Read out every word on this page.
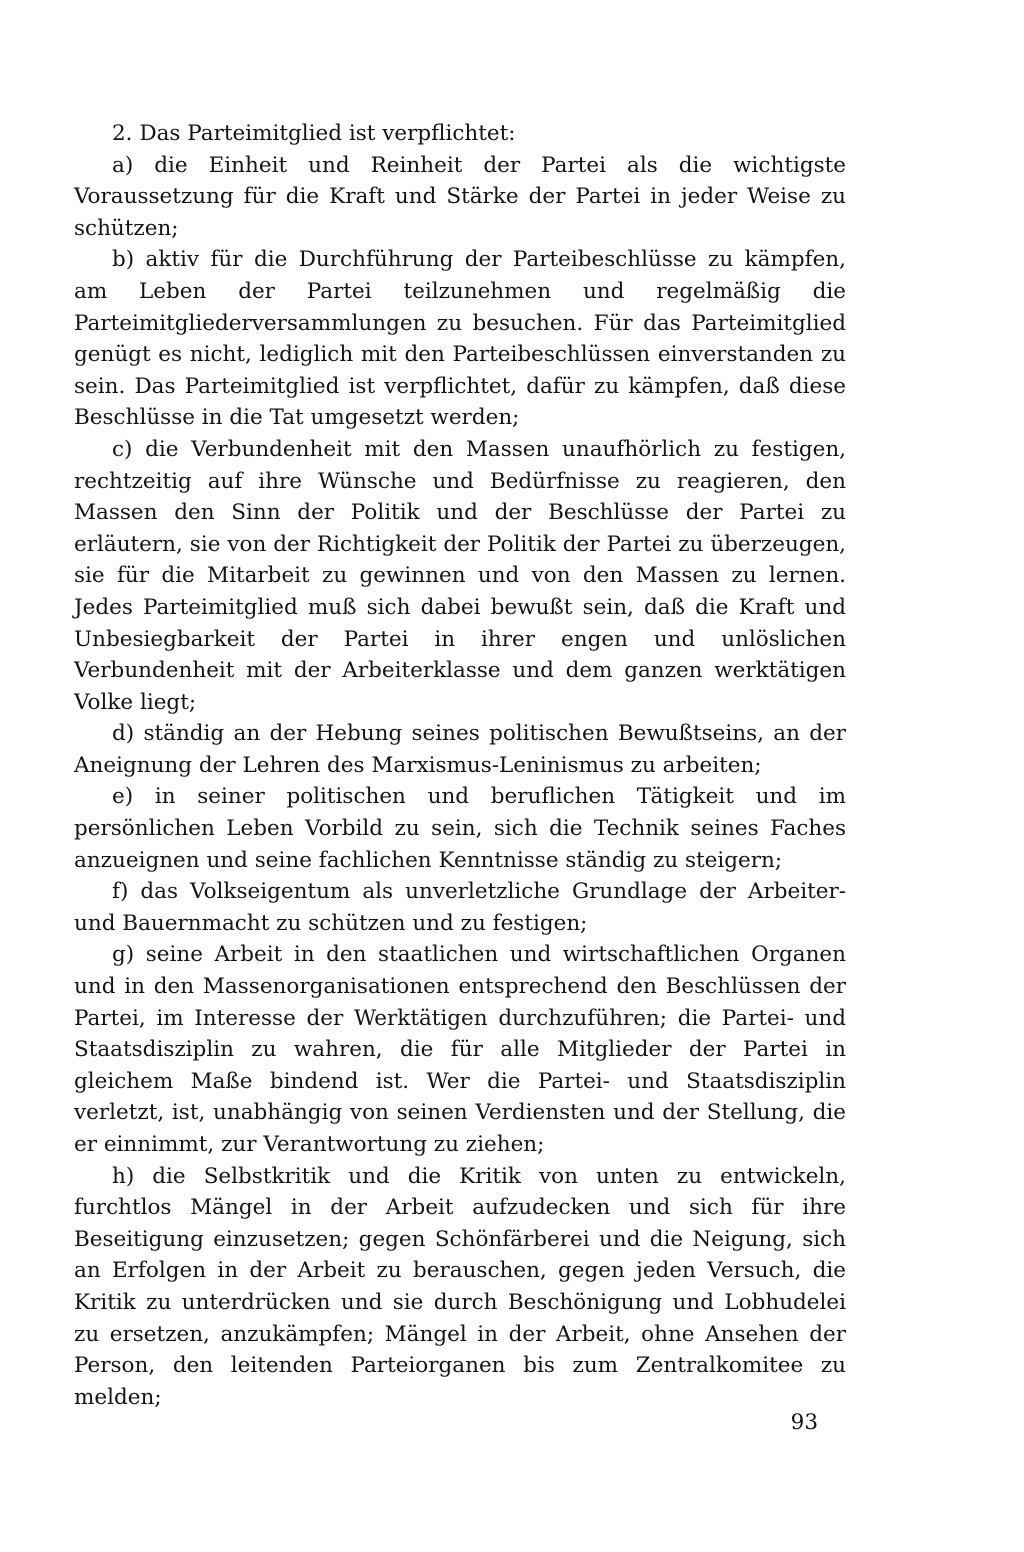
2. Das Parteimitglied ist verpflichtet:

a) die Einheit und Reinheit der Partei als die wichtigste Voraussetzung für die Kraft und Stärke der Partei in jeder Weise zu schützen;

b) aktiv für die Durchführung der Parteibeschlüsse zu kämpfen, am Leben der Partei teilzunehmen und regelmäßig die Parteimitgliederversammlungen zu besuchen. Für das Parteimitglied genügt es nicht, lediglich mit den Parteibeschlüssen einverstanden zu sein. Das Parteimitglied ist verpflichtet, dafür zu kämpfen, daß diese Beschlüsse in die Tat umgesetzt werden;

c) die Verbundenheit mit den Massen unaufhörlich zu festigen, rechtzeitig auf ihre Wünsche und Bedürfnisse zu reagieren, den Massen den Sinn der Politik und der Beschlüsse der Partei zu erläutern, sie von der Richtigkeit der Politik der Partei zu überzeugen, sie für die Mitarbeit zu gewinnen und von den Massen zu lernen. Jedes Parteimitglied muß sich dabei bewußt sein, daß die Kraft und Unbesiegbarkeit der Partei in ihrer engen und unlöslichen Verbundenheit mit der Arbeiterklasse und dem ganzen werktätigen Volke liegt;

d) ständig an der Hebung seines politischen Bewußtseins, an der Aneignung der Lehren des Marxismus-Leninismus zu arbeiten;

e) in seiner politischen und beruflichen Tätigkeit und im persönlichen Leben Vorbild zu sein, sich die Technik seines Faches anzueignen und seine fachlichen Kenntnisse ständig zu steigern;

f) das Volkseigentum als unverletzliche Grundlage der Arbeiter- und Bauernmacht zu schützen und zu festigen;

g) seine Arbeit in den staatlichen und wirtschaftlichen Organen und in den Massenorganisationen entsprechend den Beschlüssen der Partei, im Interesse der Werktätigen durchzuführen; die Partei- und Staatsdisziplin zu wahren, die für alle Mitglieder der Partei in gleichem Maße bindend ist. Wer die Partei- und Staatsdisziplin verletzt, ist, unabhängig von seinen Verdiensten und der Stellung, die er einnimmt, zur Verantwortung zu ziehen;

h) die Selbstkritik und die Kritik von unten zu entwickeln, furchtlos Mängel in der Arbeit aufzudecken und sich für ihre Beseitigung einzusetzen; gegen Schönfärberei und die Neigung, sich an Erfolgen in der Arbeit zu berauschen, gegen jeden Versuch, die Kritik zu unterdrücken und sie durch Beschönigung und Lobhudelei zu ersetzen, anzukämpfen; Mängel in der Arbeit, ohne Ansehen der Person, den leitenden Parteiorganen bis zum Zentralkomitee zu melden;

93
